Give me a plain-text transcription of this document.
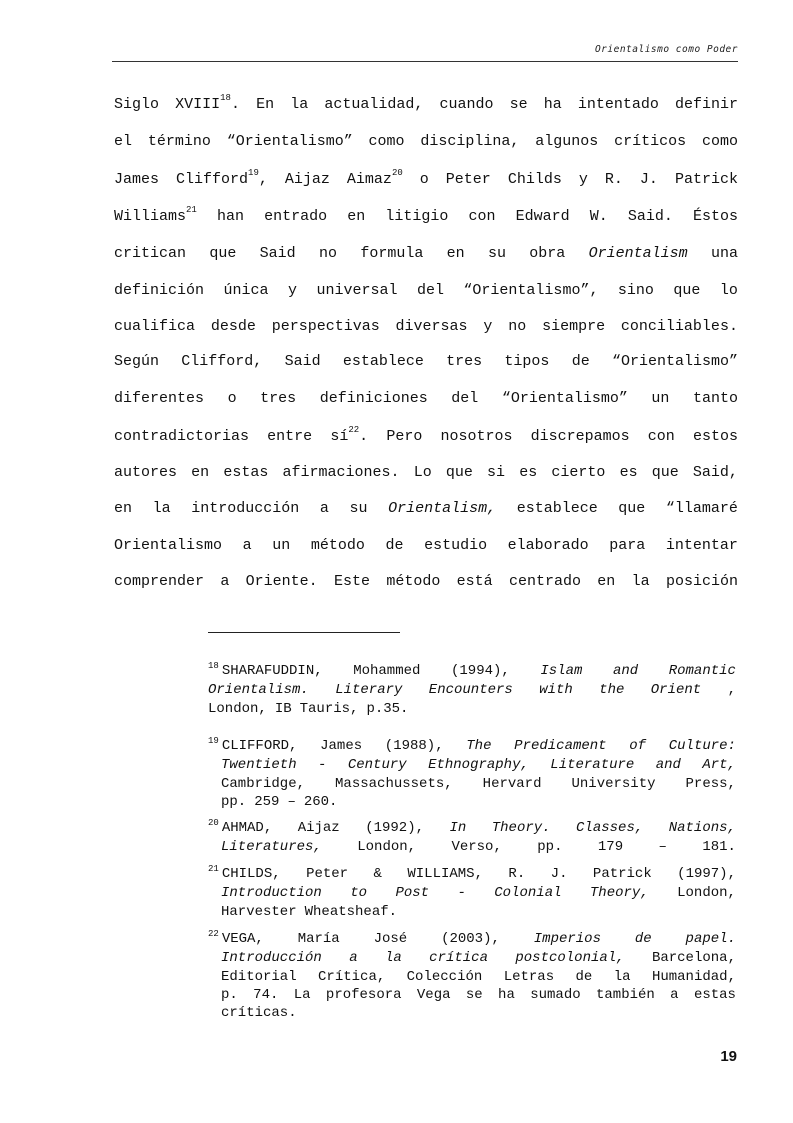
Orientalismo como Poder
Siglo XVIII$^{18}$. En la actualidad, cuando se ha intentado definir
el término “Orientalismo” como disciplina, algunos críticos como
James Clifford$^{19}$, Aijaz Aimaz$^{20}$ o Peter Childs y R. J. Patrick
Williams$^{21}$ han entrado en litigio con Edward W. Said. Éstos
critican que Said no formula en su obra Orientalism una
definición única y universal del “Orientalismo”, sino que lo
cualifica desde perspectivas diversas y no siempre conciliables.
Según Clifford, Said establece tres tipos de “Orientalismo”
diferentes o tres definiciones del “Orientalismo” un tanto
contradictorias entre sí$^{22}$. Pero nosotros discrepamos con estos
autores en estas afirmaciones. Lo que si es cierto es que Said,
en la introducción a su Orientalism, establece que “llamaré
Orientalismo a un método de estudio elaborado para intentar
comprender a Oriente. Este método está centrado en la posición
$^{18}$ SHARAFUDDIN, Mohammed (1994), Islam and Romantic
Orientalism. Literary Encounters with the Orient ,
London, IB Tauris, p.35.
$^{19}$ CLIFFORD, James (1988), The Predicament of Culture:
Twentieth - Century Ethnography, Literature and Art,
Cambridge, Massachussets, Hervard University Press,
pp. 259 – 260.
$^{20}$ AHMAD, Aijaz (1992), In Theory. Classes, Nations,
Literatures,	London,	Verso,	pp.	179	–	181.
$^{21}$ CHILDS, Peter & WILLIAMS, R. J. Patrick (1997),
Introduction to Post - Colonial Theory, London,
Harvester Wheatsheaf.
$^{22}$ VEGA, María José (2003), Imperios de papel.
Introducción a la crítica postcolonial, Barcelona,
Editorial Crítica, Colección Letras de la Humanidad,
p. 74. La profesora Vega se ha sumado también a estas
críticas.
19
